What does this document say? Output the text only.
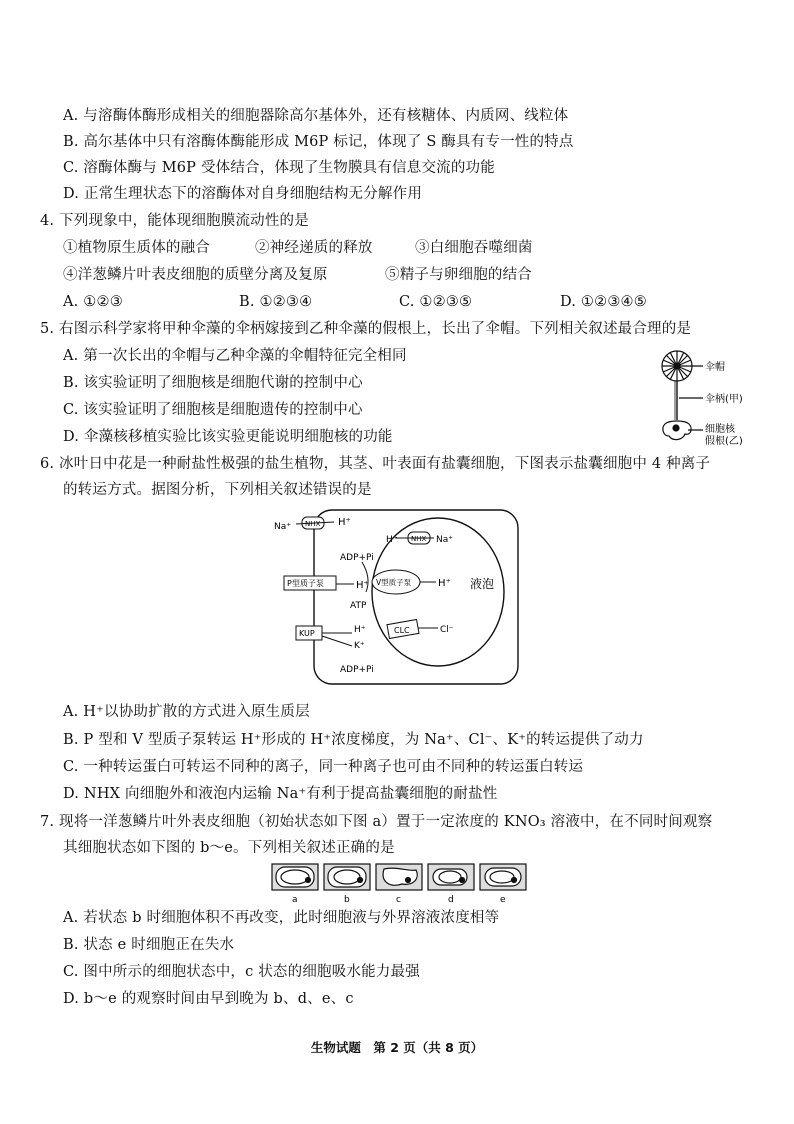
A. 与溶酶体酶形成相关的细胞器除高尔基体外，还有核糖体、内质网、线粒体
B. 高尔基体中只有溶酶体酶能形成 M6P 标记，体现了 S 酶具有专一性的特点
C. 溶酶体酶与 M6P 受体结合，体现了生物膜具有信息交流的功能
D. 正常生理状态下的溶酶体对自身细胞结构无分解作用
4. 下列现象中，能体现细胞膜流动性的是
①植物原生质体的融合	②神经递质的释放	③白细胞吞噬细菌
④洋葱鳞片叶表皮细胞的质壁分离及复原	⑤精子与卵细胞的结合
A. ①②③	B. ①②③④	C. ①②③⑤	D. ①②③④⑤
5. 右图示科学家将甲种伞藻的伞柄嫁接到乙种伞藻的假根上，长出了伞帽。下列相关叙述最合理的是
A. 第一次长出的伞帽与乙种伞藻的伞帽特征完全相同
B. 该实验证明了细胞核是细胞代谢的控制中心
C. 该实验证明了细胞核是细胞遗传的控制中心
D. 伞藻核移植实验比该实验更能说明细胞核的功能
伞帽
伞柄(甲)
细胞核
假根(乙)
6. 冰叶日中花是一种耐盐性极强的盐生植物，其茎、叶表面有盐囊细胞，下图表示盐囊细胞中 4 种离子
的转运方式。据图分析，下列相关叙述错误的是
NHX
Na⁺	H⁺
NHX
H⁺	Na⁺
ADP+Pi
P型质子泵	H⁺
ATP
V型质子泵	H⁺
KUP	H⁺
K⁺
CLC	Cl⁻
ADP+Pi
液泡
A. H⁺以协助扩散的方式进入原生质层
B. P 型和 V 型质子泵转运 H⁺形成的 H⁺浓度梯度，为 Na⁺、Cl⁻、K⁺的转运提供了动力
C. 一种转运蛋白可转运不同种的离子，同一种离子也可由不同种的转运蛋白转运
D. NHX 向细胞外和液泡内运输 Na⁺有利于提高盐囊细胞的耐盐性
7. 现将一洋葱鳞片叶外表皮细胞（初始状态如下图 a）置于一定浓度的 KNO₃ 溶液中，在不同时间观察
其细胞状态如下图的 b～e。下列相关叙述正确的是
a	b	c	d	e
A. 若状态 b 时细胞体积不再改变，此时细胞液与外界溶液浓度相等
B. 状态 e 时细胞正在失水
C. 图中所示的细胞状态中，c 状态的细胞吸水能力最强
D. b～e 的观察时间由早到晚为 b、d、e、c
生物试题　第 2 页（共 8 页）
